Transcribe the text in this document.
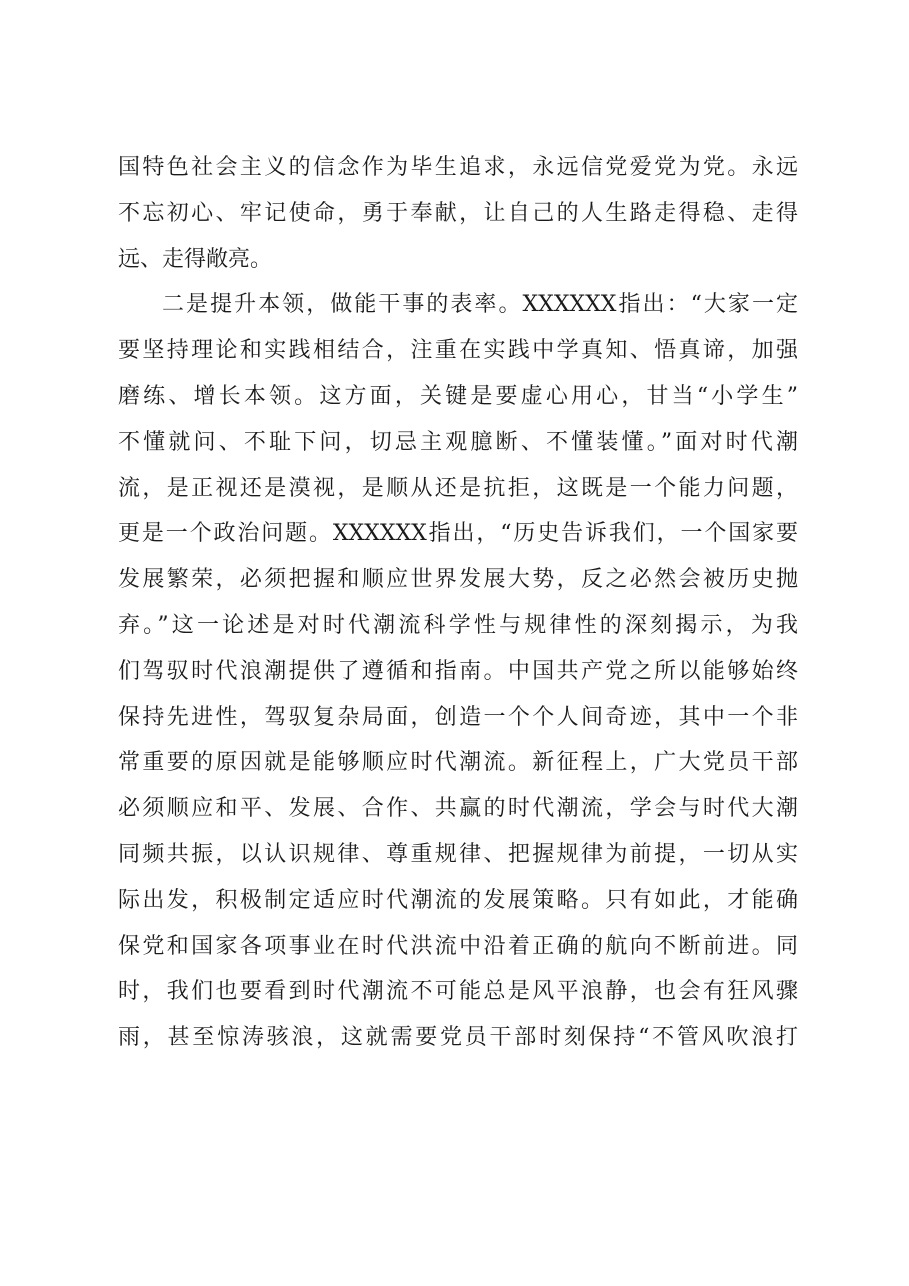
国特色社会主义的信念作为毕生追求，永远信党爱党为党。永远
不忘初心、牢记使命，勇于奉献，让自己的人生路走得稳、走得
远、走得敞亮。
二是提升本领，做能干事的表率。XXXXXX指出：“大家一定
要坚持理论和实践相结合，注重在实践中学真知、悟真谛，加强
磨练、增长本领。这方面，关键是要虚心用心，甘当“小学生”
不懂就问、不耻下问，切忌主观臆断、不懂装懂。”面对时代潮
流，是正视还是漠视，是顺从还是抗拒，这既是一个能力问题，
更是一个政治问题。XXXXXX指出，“历史告诉我们，一个国家要
发展繁荣，必须把握和顺应世界发展大势，反之必然会被历史抛
弃。”这一论述是对时代潮流科学性与规律性的深刻揭示，为我
们驾驭时代浪潮提供了遵循和指南。中国共产党之所以能够始终
保持先进性，驾驭复杂局面，创造一个个人间奇迹，其中一个非
常重要的原因就是能够顺应时代潮流。新征程上，广大党员干部
必须顺应和平、发展、合作、共赢的时代潮流，学会与时代大潮
同频共振，以认识规律、尊重规律、把握规律为前提，一切从实
际出发，积极制定适应时代潮流的发展策略。只有如此，才能确
保党和国家各项事业在时代洪流中沿着正确的航向不断前进。同
时，我们也要看到时代潮流不可能总是风平浪静，也会有狂风骤
雨，甚至惊涛骇浪，这就需要党员干部时刻保持“不管风吹浪打
